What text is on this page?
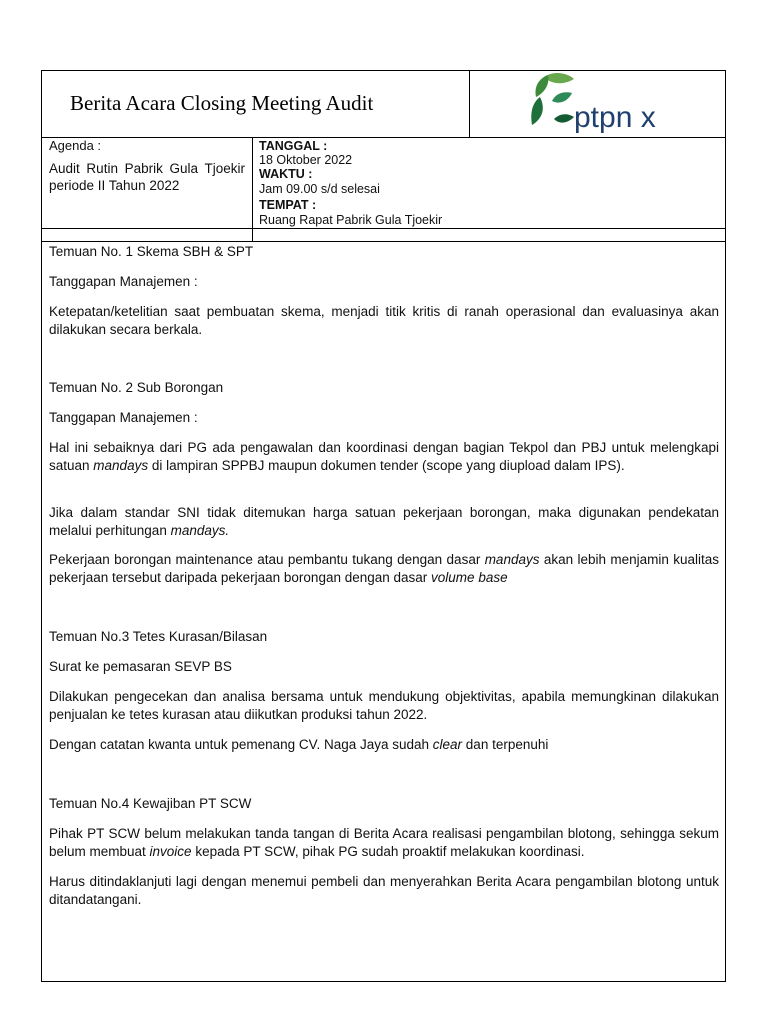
Berita Acara Closing Meeting Audit	ptpn x
Agenda :
Audit Rutin Pabrik Gula Tjoekir periode II Tahun 2022
TANGGAL :
18 Oktober 2022
WAKTU :
Jam 09.00 s/d selesai
TEMPAT :
Ruang Rapat Pabrik Gula Tjoekir
Temuan No. 1 Skema SBH & SPT
Tanggapan Manajemen :
Ketepatan/ketelitian saat pembuatan skema, menjadi titik kritis di ranah operasional dan evaluasinya akan dilakukan secara berkala.
Temuan No. 2 Sub Borongan
Tanggapan Manajemen :
Hal ini sebaiknya dari PG ada pengawalan dan koordinasi dengan bagian Tekpol dan PBJ untuk melengkapi satuan mandays di lampiran SPPBJ maupun dokumen tender (scope yang diupload dalam IPS).
Jika dalam standar SNI tidak ditemukan harga satuan pekerjaan borongan, maka digunakan pendekatan melalui perhitungan mandays.
Pekerjaan borongan maintenance atau pembantu tukang dengan dasar mandays akan lebih menjamin kualitas pekerjaan tersebut daripada pekerjaan borongan dengan dasar volume base
Temuan No.3 Tetes Kurasan/Bilasan
Surat ke pemasaran SEVP BS
Dilakukan pengecekan dan analisa bersama untuk mendukung objektivitas, apabila memungkinan dilakukan penjualan ke tetes kurasan atau diikutkan produksi tahun 2022.
Dengan catatan kwanta untuk pemenang CV. Naga Jaya sudah clear dan terpenuhi
Temuan No.4 Kewajiban PT SCW
Pihak PT SCW belum melakukan tanda tangan di Berita Acara realisasi pengambilan blotong, sehingga sekum belum membuat invoice kepada PT SCW, pihak PG sudah proaktif melakukan koordinasi.
Harus ditindaklanjuti lagi dengan menemui pembeli dan menyerahkan Berita Acara pengambilan blotong untuk ditandatangani.
